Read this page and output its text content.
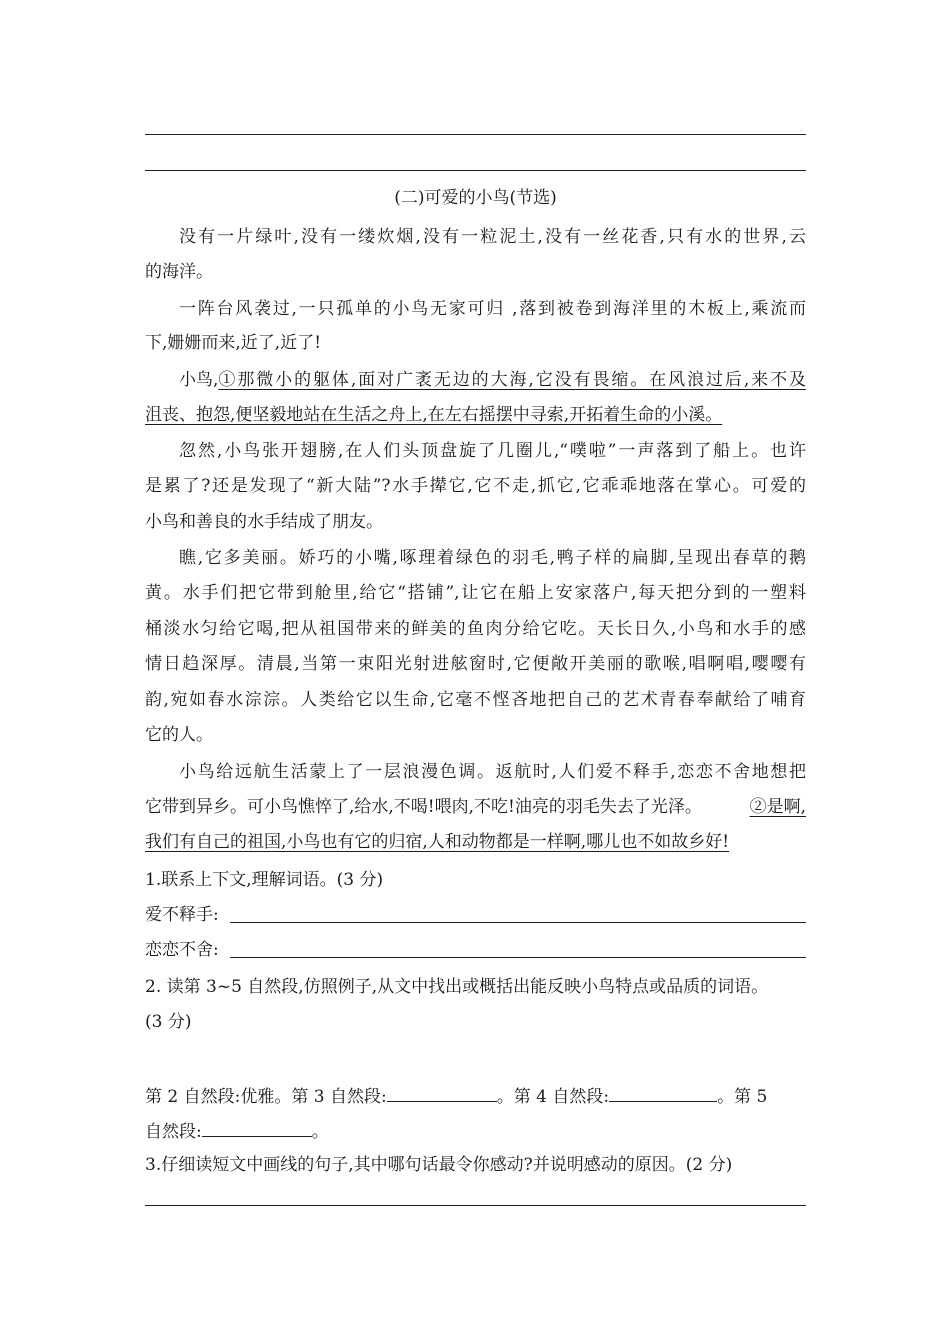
(二)可爱的小鸟(节选)
没有一片绿叶,没有一缕炊烟,没有一粒泥土,没有一丝花香,只有水的世界,云
的海洋。
一阵台风袭过,一只孤单的小鸟无家可归 ,落到被卷到海洋里的木板上,乘流而
下,姗姗而来,近了,近了!
小鸟, ①那微小的躯体,面对广袤无边的大海,它没有畏缩。在风浪过后,来不及
沮丧、抱怨,便坚毅地站在生活之舟上,在左右摇摆中寻索,开拓着生命的小溪。
忽然,小鸟张开翅膀,在人们头顶盘旋了几圈儿,“噗啦”一声落到了船上。也许
是累了?还是发现了“新大陆”?水手撵它,它不走,抓它,它乖乖地落在掌心。可爱的
小鸟和善良的水手结成了朋友。
瞧,它多美丽。娇巧的小嘴,啄理着绿色的羽毛,鸭子样的扁脚,呈现出春草的鹅
黄。水手们把它带到舱里,给它“搭铺”,让它在船上安家落户,每天把分到的一塑料
桶淡水匀给它喝,把从祖国带来的鲜美的鱼肉分给它吃。天长日久,小鸟和水手的感
情日趋深厚。清晨,当第一束阳光射进舷窗时,它便敞开美丽的歌喉,唱啊唱,嘤嘤有
韵,宛如春水淙淙。人类给它以生命,它毫不悭吝地把自己的艺术青春奉献给了哺育
它的人。
小鸟给远航生活蒙上了一层浪漫色调。返航时,人们爱不释手,恋恋不舍地想把
它带到异乡。可小鸟憔悴了,给水,不喝!喂肉,不吃!油亮的羽毛失去了光泽。	②是啊,
我们有自己的祖国,小鸟也有它的归宿,人和动物都是一样啊,哪儿也不如故乡好!
1.联系上下文,理解词语。(3 分)
爱不释手:
恋恋不舍:
2. 读第 3~5 自然段,仿照例子,从文中找出或概括出能反映小鸟特点或品质的词语。
(3 分)
第 2 自然段:优雅。第 3 自然段:	。第 4 自然段:	。第 5
自然段:	。
3.仔细读短文中画线的句子,其中哪句话最令你感动?并说明感动的原因。(2 分)
